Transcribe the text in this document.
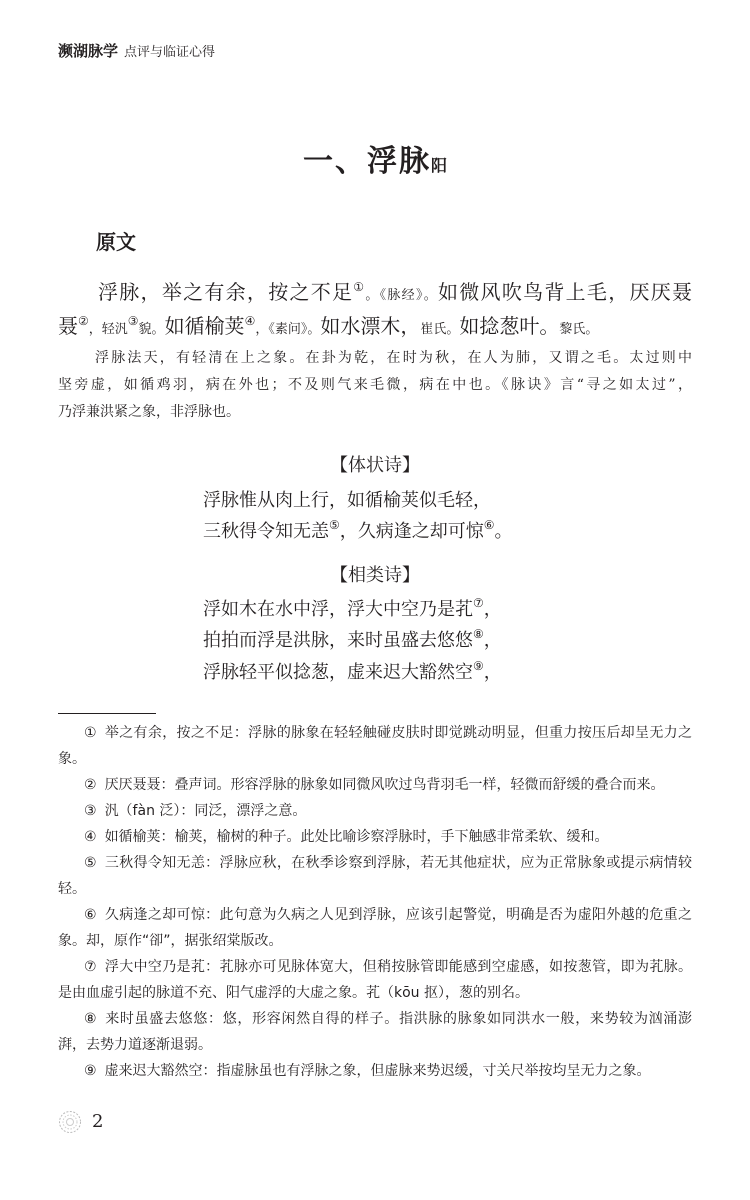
濒湖脉学 点评与临证心得
一、浮脉阳
原文
浮脉，举之有余，按之不足①。《脉经》。如微风吹鸟背上毛，厌厌聂
聂②，轻汎③貌。如循榆荚④，《素问》。如水漂木，崔氏。如捻葱叶。黎氏。
浮脉法天，有轻清在上之象。在卦为乾，在时为秋，在人为肺，又谓之毛。太过则中
坚旁虚，如循鸡羽，病在外也；不及则气来毛微，病在中也。《脉诀》言“寻之如太过”，
乃浮兼洪紧之象，非浮脉也。
【体状诗】
浮脉惟从肉上行，如循榆荚似毛轻，
三秋得令知无恙⑤，久病逢之却可惊⑥。
【相类诗】
浮如木在水中浮，浮大中空乃是芤⑦，
拍拍而浮是洪脉，来时虽盛去悠悠⑧，
浮脉轻平似捻葱，虚来迟大豁然空⑨，
① 举之有余，按之不足：浮脉的脉象在轻轻触碰皮肤时即觉跳动明显，但重力按压后却呈无力之象。
② 厌厌聂聂：叠声词。形容浮脉的脉象如同微风吹过鸟背羽毛一样，轻微而舒缓的叠合而来。
③ 汎（fàn 泛）：同泛，漂浮之意。
④ 如循榆荚：榆荚，榆树的种子。此处比喻诊察浮脉时，手下触感非常柔软、缓和。
⑤ 三秋得令知无恙：浮脉应秋，在秋季诊察到浮脉，若无其他症状，应为正常脉象或提示病情较轻。
⑥ 久病逢之却可惊：此句意为久病之人见到浮脉，应该引起警觉，明确是否为虚阳外越的危重之象。却，原作“卻”，据张绍棠版改。
⑦ 浮大中空乃是芤：芤脉亦可见脉体宽大，但稍按脉管即能感到空虚感，如按葱管，即为芤脉。是由血虚引起的脉道不充、阳气虚浮的大虚之象。芤（kōu 抠），葱的别名。
⑧ 来时虽盛去悠悠：悠，形容闲然自得的样子。指洪脉的脉象如同洪水一般，来势较为汹涌澎湃，去势力道逐渐退弱。
⑨ 虚来迟大豁然空：指虚脉虽也有浮脉之象，但虚脉来势迟缓，寸关尺举按均呈无力之象。
2
